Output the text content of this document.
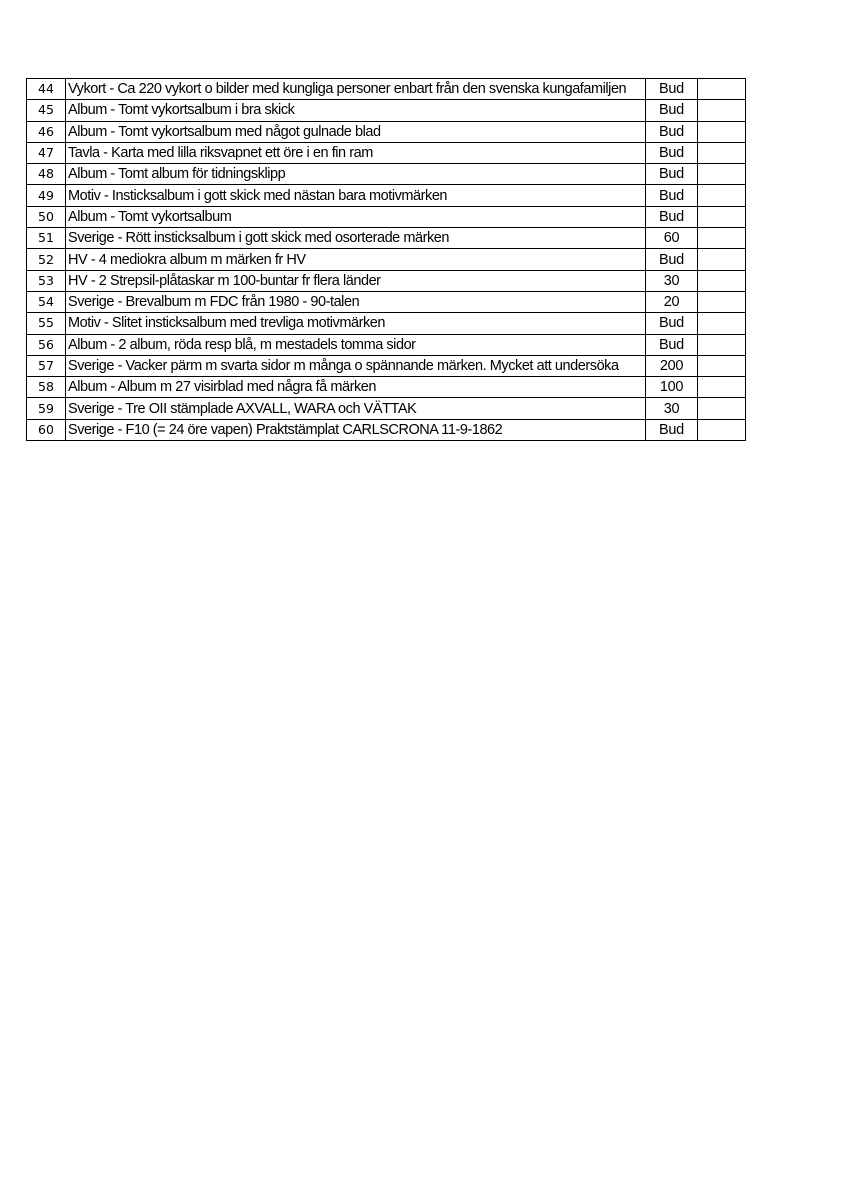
44	Vykort - Ca 220 vykort o bilder med kungliga personer enbart från den svenska kungafamiljen	Bud	
45	Album - Tomt vykortsalbum i bra skick	Bud	
46	Album - Tomt vykortsalbum med något gulnade blad	Bud	
47	Tavla - Karta med lilla riksvapnet ett öre i en fin ram	Bud	
48	Album - Tomt album för tidningsklipp	Bud	
49	Motiv - Insticksalbum i gott skick med nästan bara motivmärken	Bud	
50	Album - Tomt vykortsalbum	Bud	
51	Sverige - Rött insticksalbum i gott skick med osorterade märken	60	
52	HV - 4 mediokra album m märken fr HV	Bud	
53	HV - 2 Strepsil-plåtaskar m 100-buntar fr flera länder	30	
54	Sverige - Brevalbum m FDC från 1980 - 90-talen	20	
55	Motiv - Slitet insticksalbum med trevliga motivmärken	Bud	
56	Album - 2 album, röda resp blå, m mestadels tomma sidor	Bud	
57	Sverige - Vacker pärm m svarta sidor m många o spännande märken. Mycket att undersöka	200	
58	Album - Album m 27 visirblad med några få märken	100	
59	Sverige - Tre OII stämplade AXVALL, WARA och VÄTTAK	30	
60	Sverige - F10 (= 24 öre vapen) Praktstämplat CARLSCRONA 11-9-1862	Bud	
